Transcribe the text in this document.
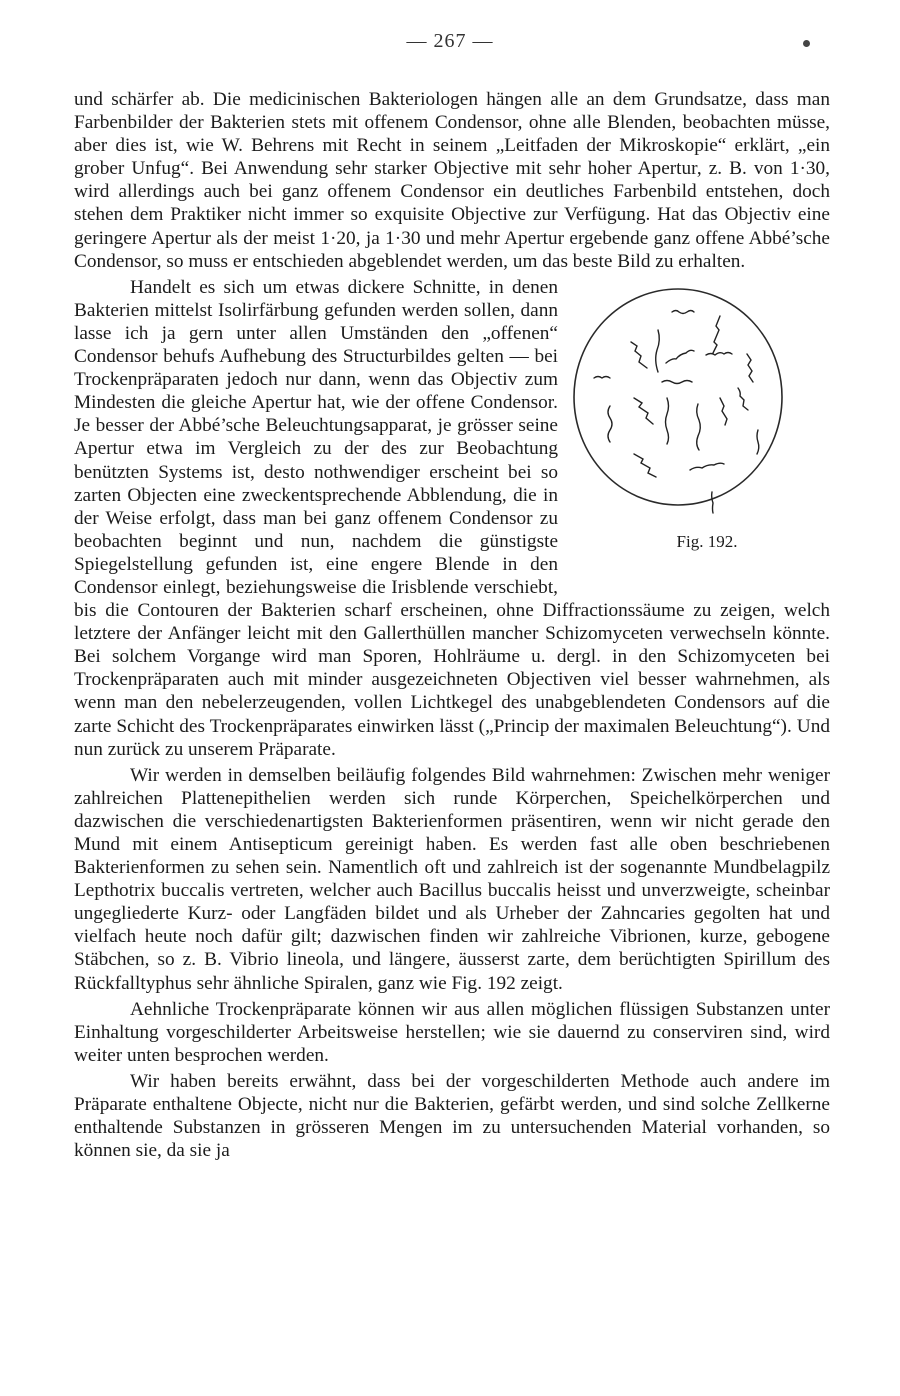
— 267 —

und schärfer ab. Die medicinischen Bakteriologen hängen alle an dem Grundsatze, dass man Farbenbilder der Bakterien stets mit offenem Condensor, ohne alle Blenden, beobachten müsse, aber dies ist, wie W. Behrens mit Recht in seinem „Leitfaden der Mikroskopie“ erklärt, „ein grober Unfug“. Bei Anwendung sehr starker Objective mit sehr hoher Apertur, z. B. von 1·30, wird allerdings auch bei ganz offenem Condensor ein deutliches Farbenbild entstehen, doch stehen dem Praktiker nicht immer so exquisite Objective zur Verfügung. Hat das Objectiv eine geringere Apertur als der meist 1·20, ja 1·30 und mehr Apertur ergebende ganz offene Abbé’sche Condensor, so muss er entschieden abgeblendet werden, um das beste Bild zu erhalten.

Fig. 192.
Handelt es sich um etwas dickere Schnitte, in denen Bakterien mittelst Isolirfärbung gefunden werden sollen, dann lasse ich ja gern unter allen Umständen den „offenen“ Condensor behufs Aufhebung des Structurbildes gelten — bei Trockenpräparaten jedoch nur dann, wenn das Objectiv zum Mindesten die gleiche Apertur hat, wie der offene Condensor. Je besser der Abbé’sche Beleuchtungsapparat, je grösser seine Apertur etwa im Vergleich zu der des zur Beobachtung benützten Systems ist, desto nothwendiger erscheint bei so zarten Objecten eine zweckentsprechende Abblendung, die in der Weise erfolgt, dass man bei ganz offenem Condensor zu beobachten beginnt und nun, nachdem die günstigste Spiegelstellung gefunden ist, eine engere Blende in den Condensor einlegt, beziehungsweise die Irisblende verschiebt, bis die Contouren der Bakterien scharf erscheinen, ohne Diffractionssäume zu zeigen, welch letztere der Anfänger leicht mit den Gallerthüllen mancher Schizomyceten verwechseln könnte. Bei solchem Vorgange wird man Sporen, Hohlräume u. dergl. in den Schizomyceten bei Trockenpräparaten auch mit minder ausgezeichneten Objectiven viel besser wahrnehmen, als wenn man den nebelerzeugenden, vollen Lichtkegel des unabgeblendeten Condensors auf die zarte Schicht des Trockenpräparates einwirken lässt („Princip der maximalen Beleuchtung“). Und nun zurück zu unserem Präparate.

Wir werden in demselben beiläufig folgendes Bild wahrnehmen: Zwischen mehr weniger zahlreichen Plattenepithelien werden sich runde Körperchen, Speichelkörperchen und dazwischen die verschiedenartigsten Bakterienformen präsentiren, wenn wir nicht gerade den Mund mit einem Antisepticum gereinigt haben. Es werden fast alle oben beschriebenen Bakterienformen zu sehen sein. Namentlich oft und zahlreich ist der sogenannte Mundbelagpilz Lepthotrix buccalis vertreten, welcher auch Bacillus buccalis heisst und unverzweigte, scheinbar ungegliederte Kurz- oder Langfäden bildet und als Urheber der Zahncaries gegolten hat und vielfach heute noch dafür gilt; dazwischen finden wir zahlreiche Vibrionen, kurze, gebogene Stäbchen, so z. B. Vibrio lineola, und längere, äusserst zarte, dem berüchtigten Spirillum des Rückfalltyphus sehr ähnliche Spiralen, ganz wie Fig. 192 zeigt.

Aehnliche Trockenpräparate können wir aus allen möglichen flüssigen Substanzen unter Einhaltung vorgeschilderter Arbeitsweise herstellen; wie sie dauernd zu conserviren sind, wird weiter unten besprochen werden.

Wir haben bereits erwähnt, dass bei der vorgeschilderten Methode auch andere im Präparate enthaltene Objecte, nicht nur die Bakterien, gefärbt werden, und sind solche Zellkerne enthaltende Substanzen in grösseren Mengen im zu untersuchenden Material vorhanden, so können sie, da sie ja
